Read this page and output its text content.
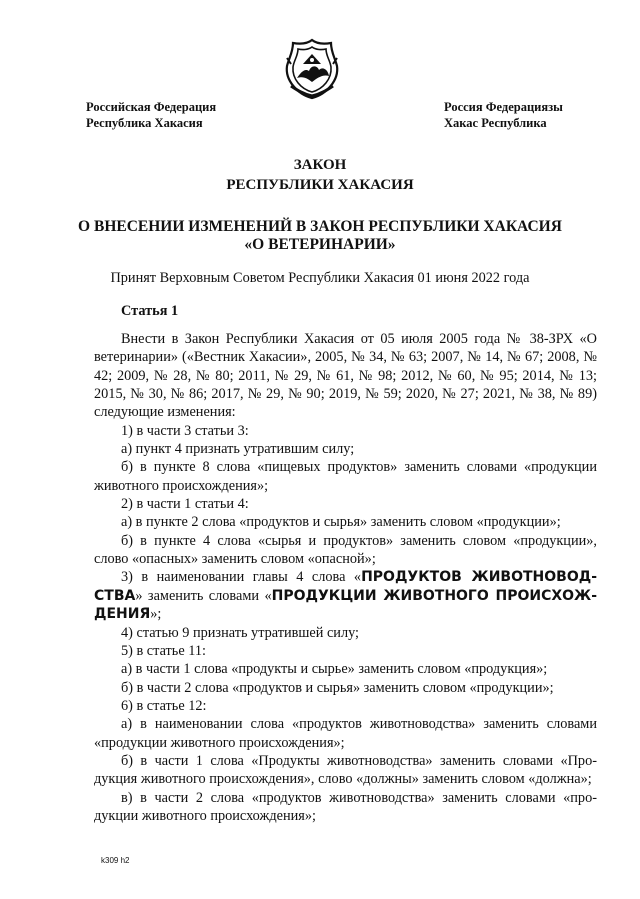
Российская Федерация
Республика Хакасия
Россия Федерациязы
Хакас Республика
ЗАКОН
РЕСПУБЛИКИ ХАКАСИЯ
О ВНЕСЕНИИ ИЗМЕНЕНИЙ В ЗАКОН РЕСПУБЛИКИ ХАКАСИЯ
«О ВЕТЕРИНАРИИ»
Принят Верховным Советом Республики Хакасия 01 июня 2022 года
Статья 1

Внести в Закон Республики Хакасия от 05 июля 2005 года № 38-ЗРХ «О ветеринарии» («Вестник Хакасии», 2005, № 34, № 63; 2007, № 14, № 67; 2008, № 42; 2009, № 28, № 80; 2011, № 29, № 61, № 98; 2012, № 60, № 95; 2014, № 13; 2015, № 30, № 86; 2017, № 29, № 90; 2019, № 59; 2020, № 27; 2021, № 38, № 89) следующие изменения:

1) в части 3 статьи 3:

а) пункт 4 признать утратившим силу;

б) в пункте 8 слова «пищевых продуктов» заменить словами «продукции животного происхождения»;

2) в части 1 статьи 4:

а) в пункте 2 слова «продуктов и сырья» заменить словом «продукции»;

б) в пункте 4 слова «сырья и продуктов» заменить словом «продукции», слово «опасных» заменить словом «опасной»;

3) в наименовании главы 4 слова «ПРОДУКТОВ ЖИВОТНОВОДСТВА» заменить словами «ПРОДУКЦИИ ЖИВОТНОГО ПРОИСХОЖДЕНИЯ»;

4) статью 9 признать утратившей силу;

5) в статье 11:

а) в части 1 слова «продукты и сырье» заменить словом «продукция»;

б) в части 2 слова «продуктов и сырья» заменить словом «продукции»;

6) в статье 12:

а) в наименовании слова «продуктов животноводства» заменить словами «продукции животного происхождения»;

б) в части 1 слова «Продукты животноводства» заменить словами «Продукция животного происхождения», слово «должны» заменить словом «должна»;

в) в части 2 слова «продуктов животноводства» заменить словами «продукции животного происхождения»;

k309 h2
